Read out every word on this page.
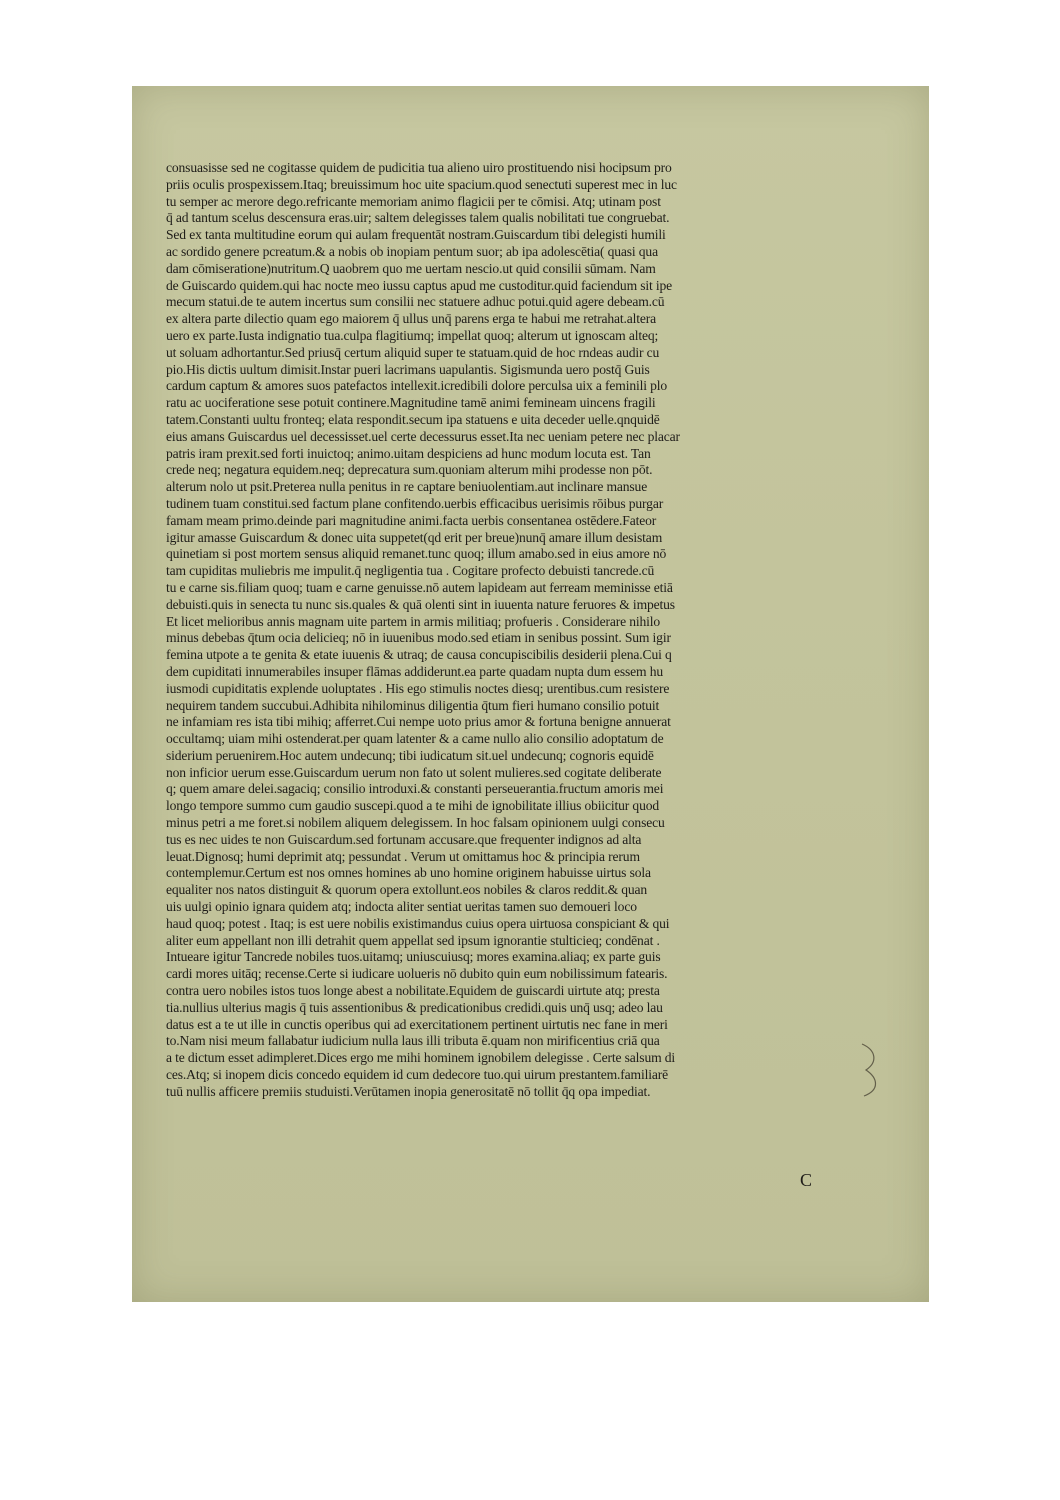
consuasisse sed ne cogitasse quidem de pudicitia tua alieno uiro prostituendo nisi hocipsum pro
priis oculis prospexissem.Itaq; breuissimum hoc uite spacium.quod senectuti superest mec in luc
tu semper ac merore dego.refricante memoriam animo flagicii per te cōmisi. Atq; utinam post
q̄ ad tantum scelus descensura eras.uir; saltem delegisses talem qualis nobilitati tue congruebat.
Sed ex tanta multitudine eorum qui aulam frequentāt nostram.Guiscardum tibi delegisti humili
ac sordido genere pcreatum.& a nobis ob inopiam pentum suor; ab ipa adolescētia( quasi qua
dam cōmiseratione)nutritum.Q uaobrem quo me uertam nescio.ut quid consilii sūmam. Nam
de Guiscardo quidem.qui hac nocte meo iussu captus apud me custoditur.quid faciendum sit ipe
mecum statui.de te autem incertus sum consilii nec statuere adhuc potui.quid agere debeam.cū
ex altera parte dilectio quam ego maiorem q̄ ullus unq̄ parens erga te habui me retrahat.altera
uero ex parte.Iusta indignatio tua.culpa flagitiumq; impellat quoq; alterum ut ignoscam alteq;
ut soluam adhortantur.Sed priusq̄ certum aliquid super te statuam.quid de hoc rndeas audir cu
pio.His dictis uultum dimisit.Instar pueri lacrimans uapulantis. Sigismunda uero postq̄ Guis
cardum captum & amores suos patefactos intellexit.icredibili dolore perculsa uix a feminili plo
ratu ac uociferatione sese potuit continere.Magnitudine tamē animi femineam uincens fragili
tatem.Constanti uultu fronteq; elata respondit.secum ipa statuens e uita deceder uelle.qnquidē
eius amans Guiscardus uel decessisset.uel certe decessurus esset.Ita nec ueniam petere nec placar
patris iram prexit.sed forti inuictoq; animo.uitam despiciens ad hunc modum locuta est. Tan
crede neq; negatura equidem.neq; deprecatura sum.quoniam alterum mihi prodesse non pōt.
alterum nolo ut psit.Preterea nulla penitus in re captare beniuolentiam.aut inclinare mansue
tudinem tuam constitui.sed factum plane confitendo.uerbis efficacibus uerisimis rōibus purgar
famam meam primo.deinde pari magnitudine animi.facta uerbis consentanea ostēdere.Fateor
igitur amasse Guiscardum & donec uita suppetet(qd erit per breue)nunq̄ amare illum desistam
quinetiam si post mortem sensus aliquid remanet.tunc quoq; illum amabo.sed in eius amore nō
tam cupiditas muliebris me impulit.q̄ negligentia tua . Cogitare profecto debuisti tancrede.cū
tu e carne sis.filiam quoq; tuam e carne genuisse.nō autem lapideam aut ferream meminisse etiā
debuisti.quis in senecta tu nunc sis.quales & quā olenti sint in iuuenta nature feruores & impetus
Et licet melioribus annis magnam uite partem in armis militiaq; profueris . Considerare nihilo
minus debebas q̄tum ocia delicieq; nō in iuuenibus modo.sed etiam in senibus possint. Sum igir
femina utpote a te genita & etate iuuenis & utraq; de causa concupiscibilis desiderii plena.Cui q
dem cupiditati innumerabiles insuper flāmas addiderunt.ea parte quadam nupta dum essem hu
iusmodi cupiditatis explende uoluptates . His ego stimulis noctes diesq; urentibus.cum resistere
nequirem tandem succubui.Adhibita nihilominus diligentia q̄tum fieri humano consilio potuit
ne infamiam res ista tibi mihiq; afferret.Cui nempe uoto prius amor & fortuna benigne annuerat
occultamq; uiam mihi ostenderat.per quam latenter & a came nullo alio consilio adoptatum de
siderium peruenirem.Hoc autem undecunq; tibi iudicatum sit.uel undecunq; cognoris equidē
non inficior uerum esse.Guiscardum uerum non fato ut solent mulieres.sed cogitate deliberate
q; quem amare delei.sagaciq; consilio introduxi.& constanti perseuerantia.fructum amoris mei
longo tempore summo cum gaudio suscepi.quod a te mihi de ignobilitate illius obiicitur quod
minus petri a me foret.si nobilem aliquem delegissem. In hoc falsam opinionem uulgi consecu
tus es nec uides te non Guiscardum.sed fortunam accusare.que frequenter indignos ad alta
leuat.Dignosq; humi deprimit atq; pessundat . Verum ut omittamus hoc & principia rerum
contemplemur.Certum est nos omnes homines ab uno homine originem habuisse uirtus sola
equaliter nos natos distinguit & quorum opera extollunt.eos nobiles & claros reddit.& quan
uis uulgi opinio ignara quidem atq; indocta aliter sentiat ueritas tamen suo demoueri loco
haud quoq; potest . Itaq; is est uere nobilis existimandus cuius opera uirtuosa conspiciant & qui
aliter eum appellant non illi detrahit quem appellat sed ipsum ignorantie stulticieq; condēnat .
Intueare igitur Tancrede nobiles tuos.uitamq; uniuscuiusq; mores examina.aliaq; ex parte guis
cardi mores uitāq; recense.Certe si iudicare uolueris nō dubito quin eum nobilissimum fatearis.
contra uero nobiles istos tuos longe abest a nobilitate.Equidem de guiscardi uirtute atq; presta
tia.nullius ulterius magis q̄ tuis assentionibus & predicationibus credidi.quis unq̄ usq; adeo lau
datus est a te ut ille in cunctis operibus qui ad exercitationem pertinent uirtutis nec fane in meri
to.Nam nisi meum fallabatur iudicium nulla laus illi tributa ē.quam non mirificentius criā qua
a te dictum esset adimpleret.Dices ergo me mihi hominem ignobilem delegisse . Certe salsum di
ces.Atq; si inopem dicis concedo equidem id cum dedecore tuo.qui uirum prestantem.familiarē
tuū nullis afficere premiis studuisti.Verūtamen inopia generositatē nō tollit q̄q opa impediat.
C
